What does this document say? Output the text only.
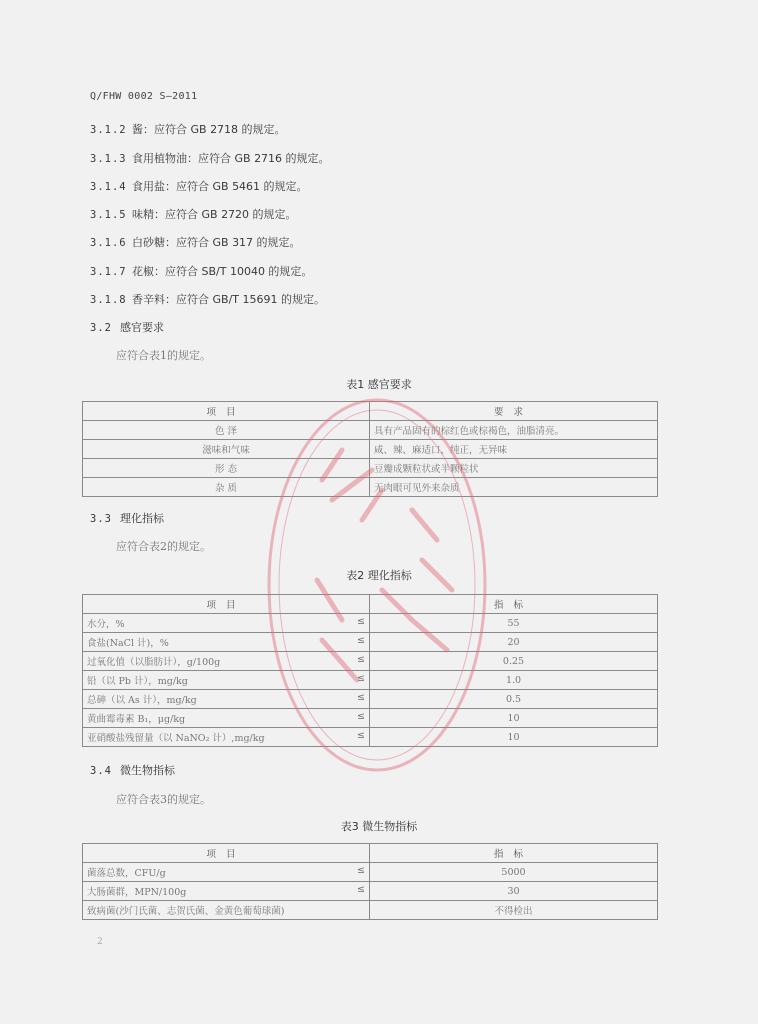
Q/FHW 0002 S—2011
3.1.2 酱：应符合 GB 2718 的规定。
3.1.3 食用植物油：应符合 GB 2716 的规定。
3.1.4 食用盐：应符合 GB 5461 的规定。
3.1.5 味精：应符合 GB 2720 的规定。
3.1.6 白砂糖：应符合 GB 317 的规定。
3.1.7 花椒：应符合 SB/T 10040 的规定。
3.1.8 香辛料：应符合 GB/T 15691 的规定。
3.2 感官要求
应符合表1的规定。
表1 感官要求
项目	要求
色 泽	具有产品固有的棕红色或棕褐色，油脂清亮。
滋味和气味	咸、辣、麻适口，纯正，无异味
形 态	豆瓣成颗粒状或半颗粒状
杂 质	无肉眼可见外来杂质
3.3 理化指标
应符合表2的规定。
表2 理化指标
项目	指标
水分，% ≤	55
食盐(NaCl 计)，% ≤	20
过氧化值（以脂肪计），g/100g ≤	0.25
铅（以 Pb 计），mg/kg ≤	1.0
总砷（以 As 计），mg/kg ≤	0.5
黄曲霉毒素 B₁，μg/kg ≤	10
亚硝酸盐残留量（以 NaNO₂ 计）,mg/kg ≤	10
3.4 微生物指标
应符合表3的规定。
表3 微生物指标
项目	指标
菌落总数，CFU/g ≤	5000
大肠菌群，MPN/100g ≤	30
致病菌(沙门氏菌、志贺氏菌、金黄色葡萄球菌)	不得检出
2
